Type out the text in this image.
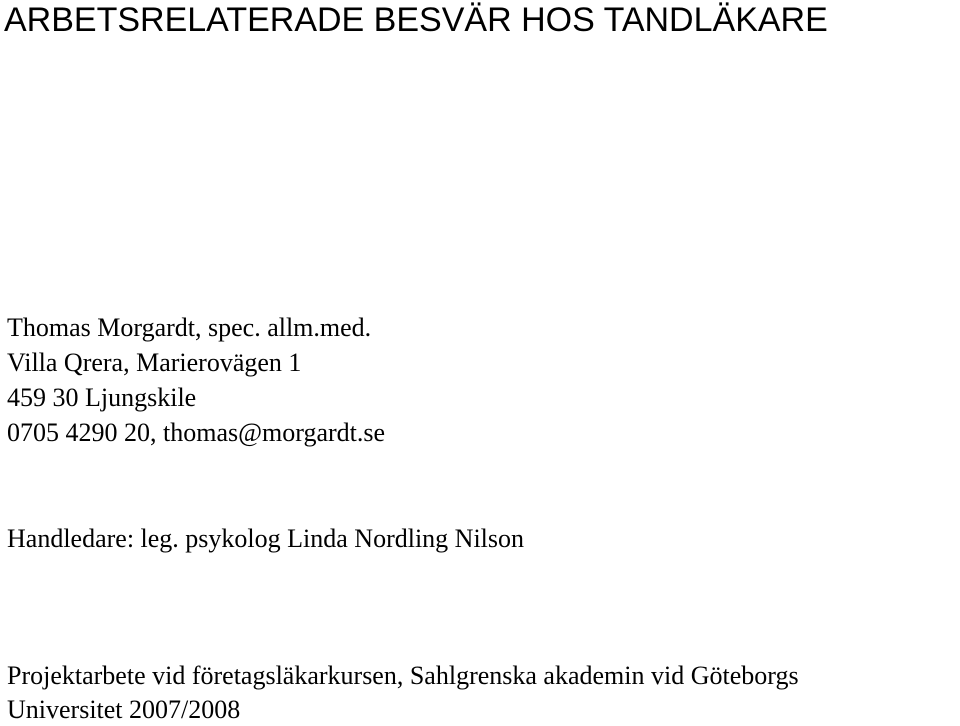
ARBETSRELATERADE BESVÄR HOS TANDLÄKARE

Thomas Morgardt, spec. allm.med.

Villa Qrera, Marierovägen 1

459 30 Ljungskile

0705 4290 20, thomas@morgardt.se

Handledare: leg. psykolog Linda Nordling Nilson

Projektarbete vid företagsläkarkursen, Sahlgrenska akademin vid Göteborgs

Universitet 2007/2008
